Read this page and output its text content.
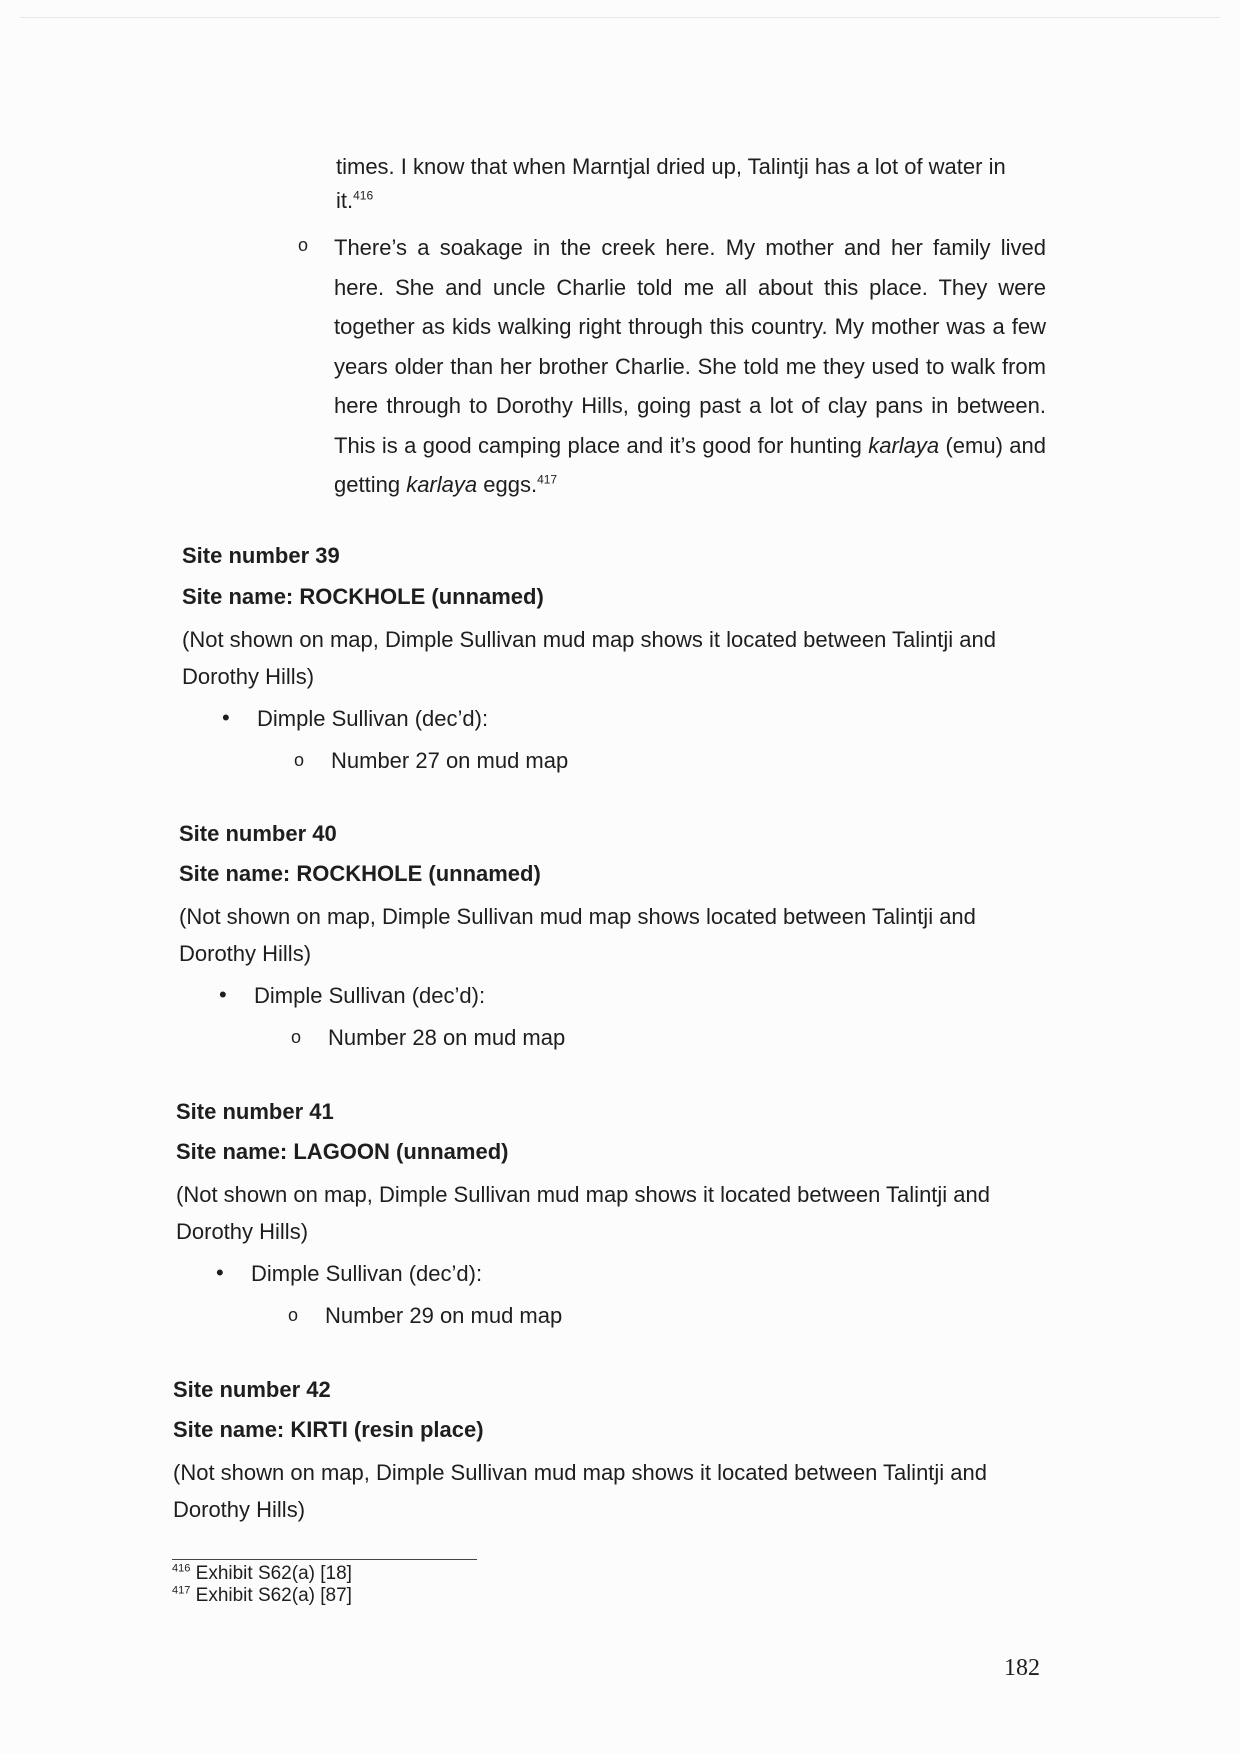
times. I know that when Marntjal dried up, Talintji has a lot of water in
it.$^{416}$
o There’s a soakage in the creek here. My mother and her family lived here. She and uncle Charlie told me all about this place. They were together as kids walking right through this country. My mother was a few years older than her brother Charlie. She told me they used to walk from here through to Dorothy Hills, going past a lot of clay pans in between. This is a good camping place and it’s good for hunting karlaya (emu) and getting karlaya eggs.$^{417}$

Site number 39
Site name: ROCKHOLE (unnamed)
(Not shown on map, Dimple Sullivan mud map shows it located between Talintji and
Dorothy Hills)
• Dimple Sullivan (dec’d):
o Number 27 on mud map
Site number 40
Site name: ROCKHOLE (unnamed)
(Not shown on map, Dimple Sullivan mud map shows located between Talintji and
Dorothy Hills)
• Dimple Sullivan (dec’d):
o Number 28 on mud map
Site number 41
Site name: LAGOON (unnamed)
(Not shown on map, Dimple Sullivan mud map shows it located between Talintji and
Dorothy Hills)
• Dimple Sullivan (dec’d):
o Number 29 on mud map
Site number 42
Site name: KIRTI (resin place)
(Not shown on map, Dimple Sullivan mud map shows it located between Talintji and
Dorothy Hills)
$^{416}$ Exhibit S62(a) [18]
$^{417}$ Exhibit S62(a) [87]
182
